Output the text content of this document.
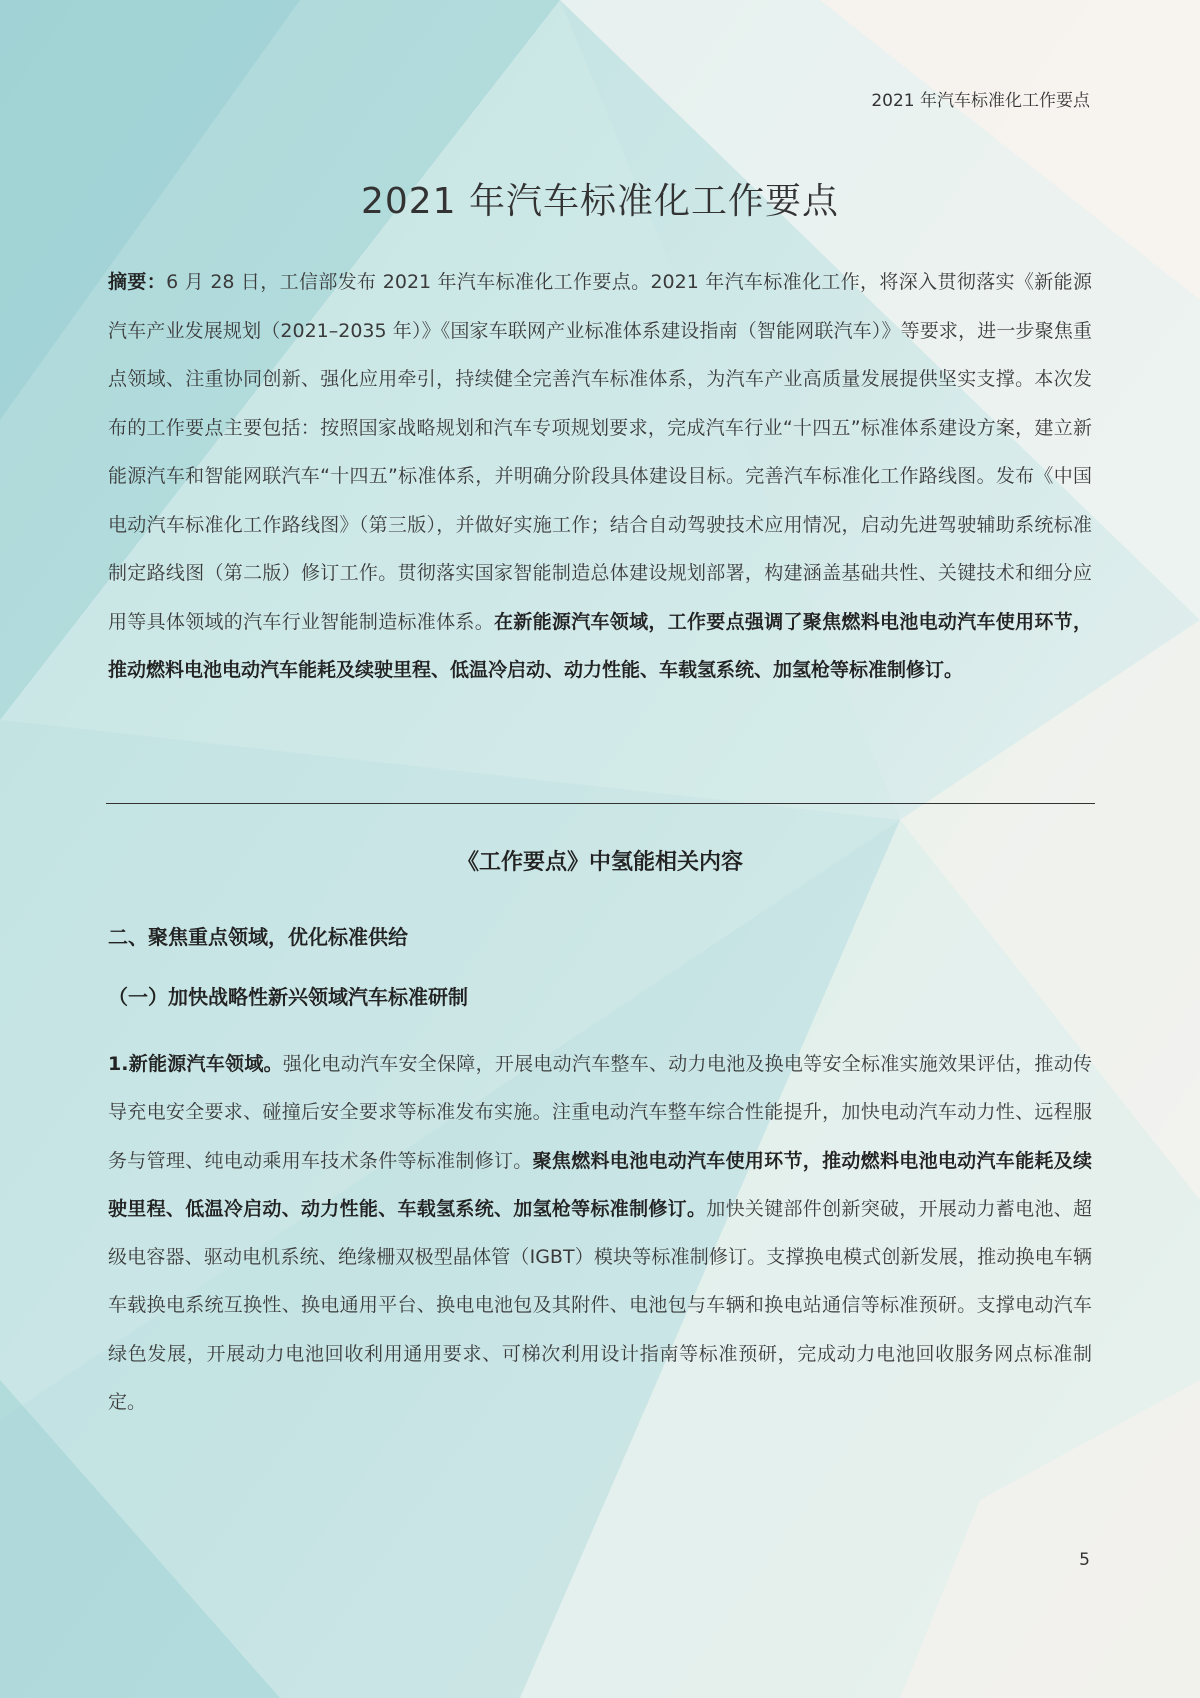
2021 年汽车标准化工作要点
2021 年汽车标准化工作要点
摘要：6 月 28 日，工信部发布 2021 年汽车标准化工作要点。2021 年汽车标准化工作，将深入贯彻落实《新能源汽车产业发展规划（2021–2035 年）》《国家车联网产业标准体系建设指南（智能网联汽车）》等要求，进一步聚焦重点领域、注重协同创新、强化应用牵引，持续健全完善汽车标准体系，为汽车产业高质量发展提供坚实支撑。本次发布的工作要点主要包括：按照国家战略规划和汽车专项规划要求，完成汽车行业“十四五”标准体系建设方案，建立新能源汽车和智能网联汽车“十四五”标准体系，并明确分阶段具体建设目标。完善汽车标准化工作路线图。发布《中国电动汽车标准化工作路线图》（第三版），并做好实施工作；结合自动驾驶技术应用情况，启动先进驾驶辅助系统标准制定路线图（第二版）修订工作。贯彻落实国家智能制造总体建设规划部署，构建涵盖基础共性、关键技术和细分应用等具体领域的汽车行业智能制造标准体系。在新能源汽车领域，工作要点强调了聚焦燃料电池电动汽车使用环节，推动燃料电池电动汽车能耗及续驶里程、低温冷启动、动力性能、车载氢系统、加氢枪等标准制修订。
《工作要点》中氢能相关内容
二、聚焦重点领域，优化标准供给
（一）加快战略性新兴领域汽车标准研制
1.新能源汽车领域。强化电动汽车安全保障，开展电动汽车整车、动力电池及换电等安全标准实施效果评估，推动传导充电安全要求、碰撞后安全要求等标准发布实施。注重电动汽车整车综合性能提升，加快电动汽车动力性、远程服务与管理、纯电动乘用车技术条件等标准制修订。聚焦燃料电池电动汽车使用环节，推动燃料电池电动汽车能耗及续驶里程、低温冷启动、动力性能、车载氢系统、加氢枪等标准制修订。加快关键部件创新突破，开展动力蓄电池、超级电容器、驱动电机系统、绝缘栅双极型晶体管（IGBT）模块等标准制修订。支撑换电模式创新发展，推动换电车辆车载换电系统互换性、换电通用平台、换电电池包及其附件、电池包与车辆和换电站通信等标准预研。支撑电动汽车绿色发展，开展动力电池回收利用通用要求、可梯次利用设计指南等标准预研，完成动力电池回收服务网点标准制定。
5
